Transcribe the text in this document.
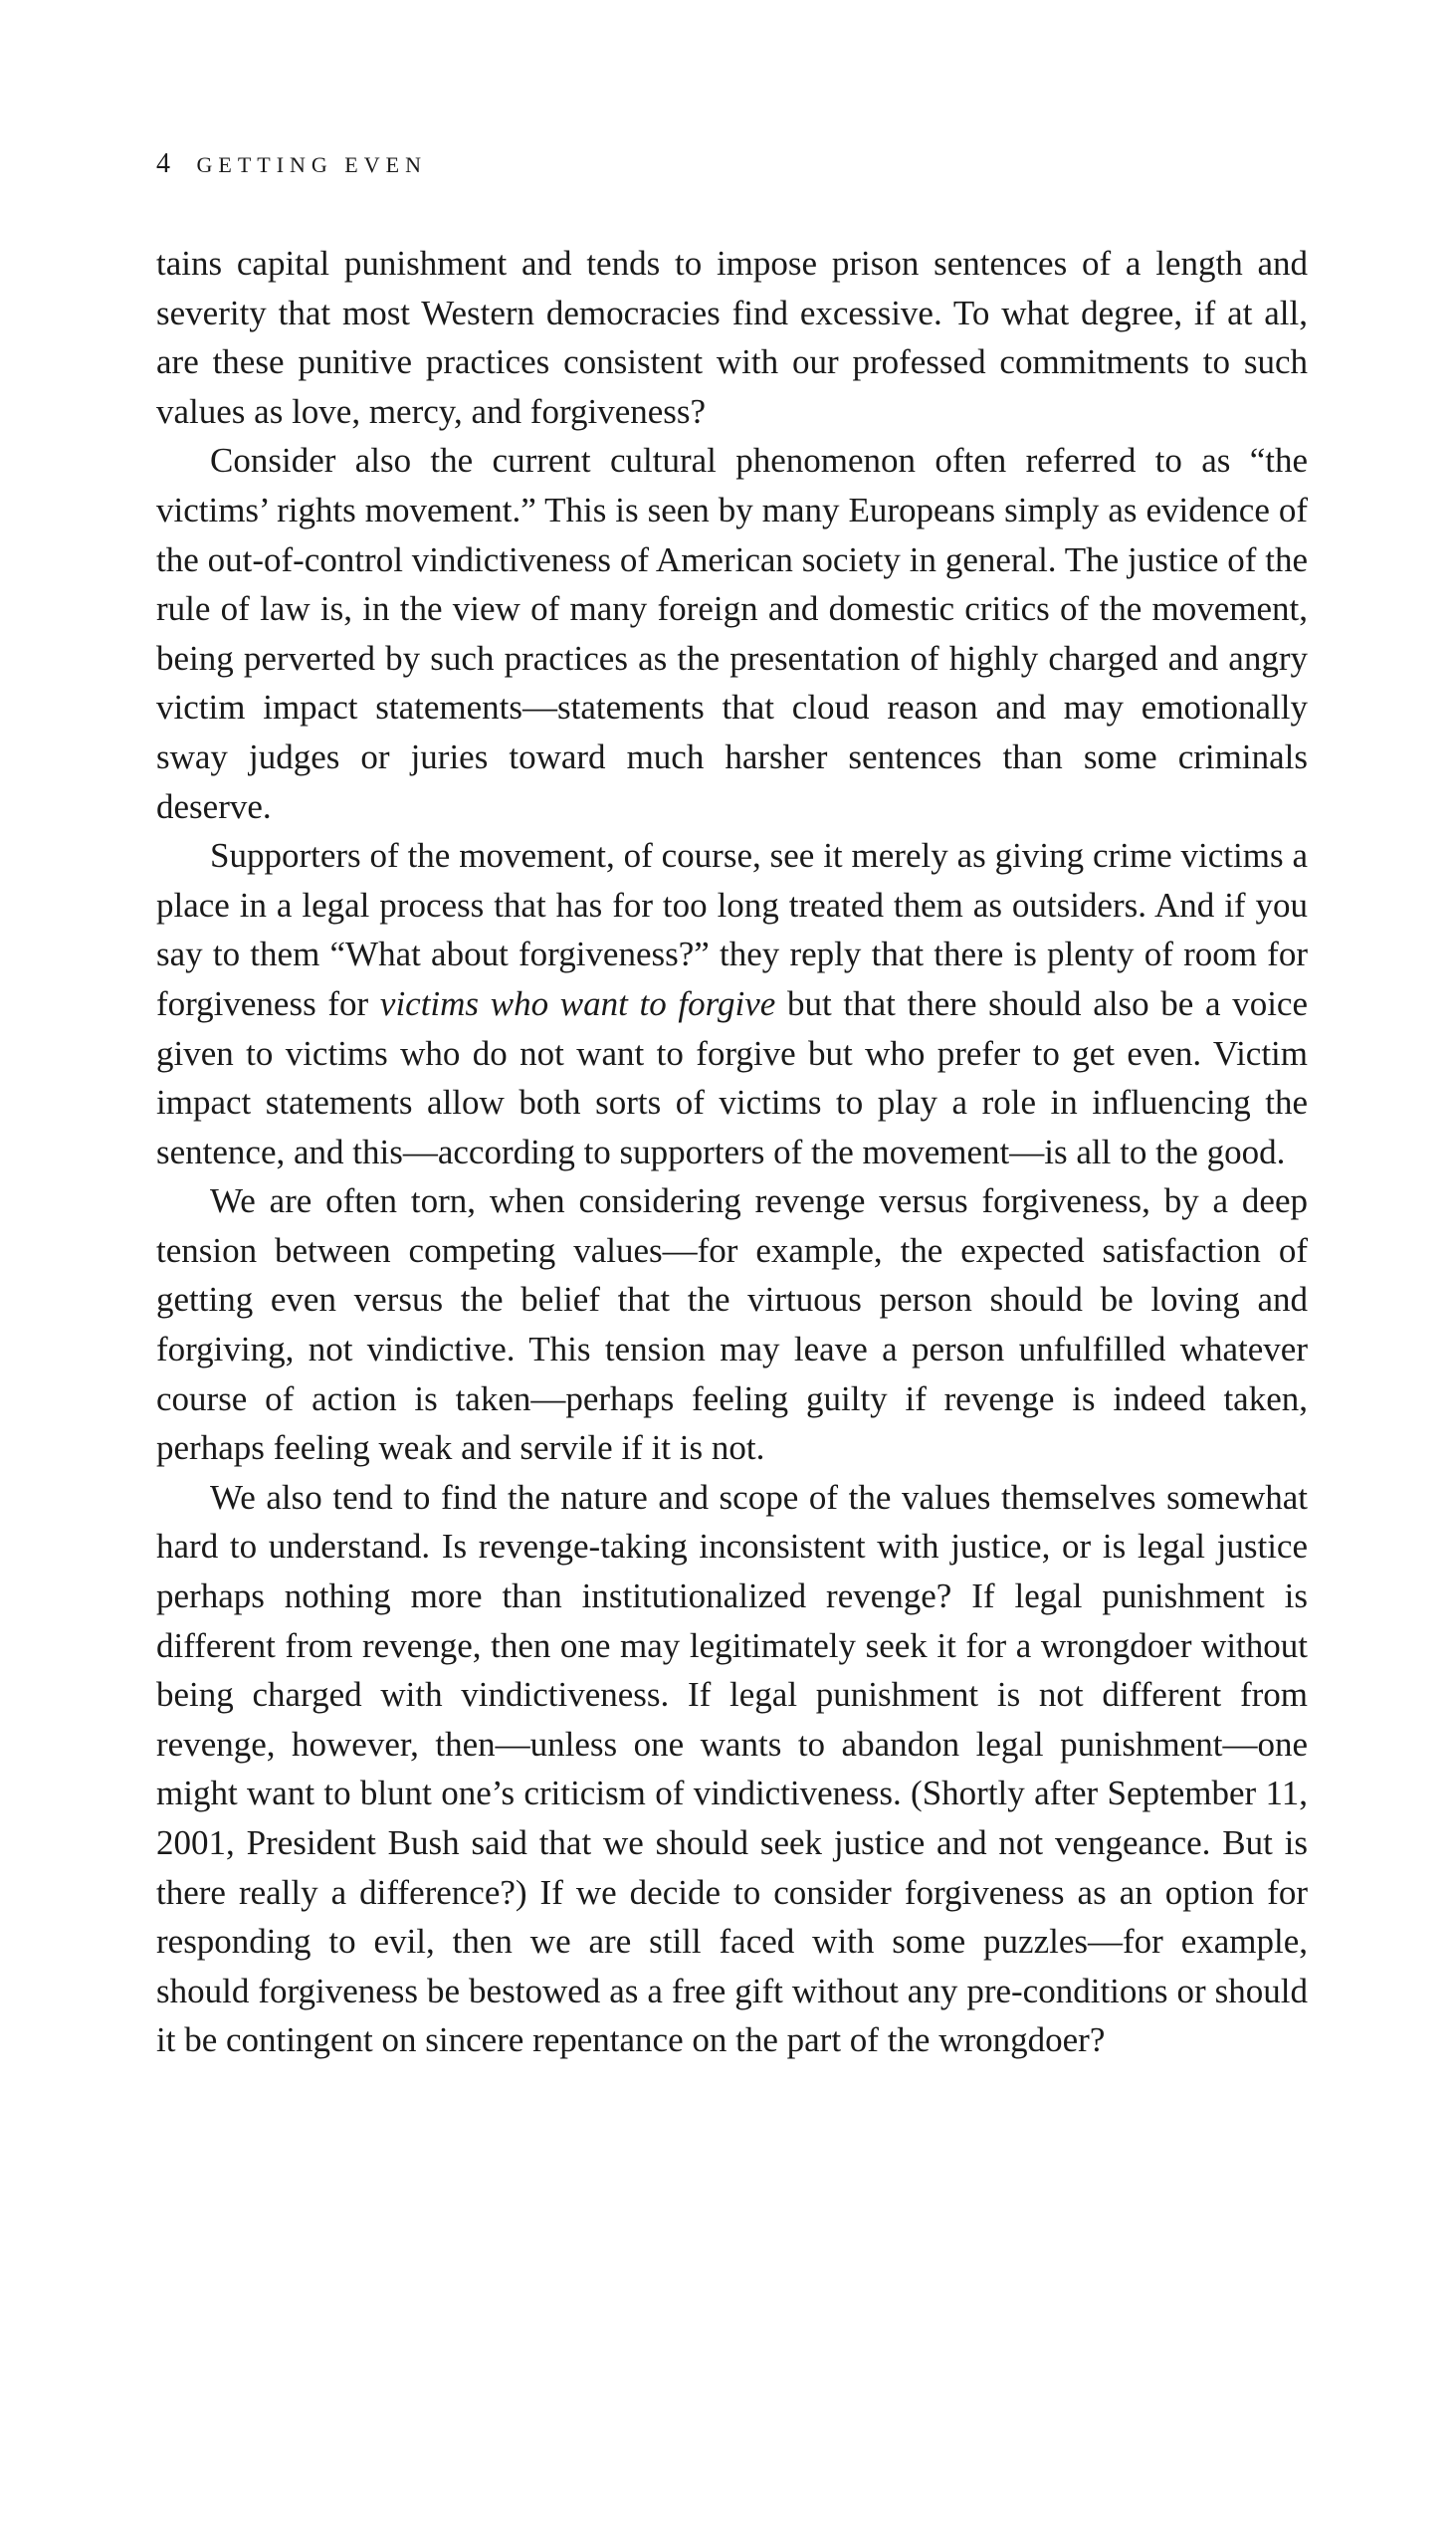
4 GETTING EVEN

tains capital punishment and tends to impose prison sentences of a length and severity that most Western democracies find excessive. To what degree, if at all, are these punitive practices consistent with our professed commitments to such values as love, mercy, and forgiveness?

Consider also the current cultural phenomenon often referred to as “the victims’ rights movement.” This is seen by many Europeans simply as evidence of the out-of-control vindictiveness of American society in general. The justice of the rule of law is, in the view of many foreign and domestic critics of the movement, being perverted by such practices as the presentation of highly charged and angry victim impact statements—statements that cloud reason and may emotionally sway judges or juries toward much harsher sentences than some criminals deserve.

Supporters of the movement, of course, see it merely as giving crime victims a place in a legal process that has for too long treated them as outsiders. And if you say to them “What about forgiveness?” they reply that there is plenty of room for forgiveness for victims who want to forgive but that there should also be a voice given to victims who do not want to forgive but who prefer to get even. Victim impact statements allow both sorts of victims to play a role in influencing the sentence, and this—according to supporters of the movement—is all to the good.

We are often torn, when considering revenge versus forgiveness, by a deep tension between competing values—for example, the expected satisfaction of getting even versus the belief that the virtuous person should be loving and forgiving, not vindictive. This tension may leave a person unfulfilled whatever course of action is taken—perhaps feeling guilty if revenge is indeed taken, perhaps feeling weak and servile if it is not.

We also tend to find the nature and scope of the values themselves somewhat hard to understand. Is revenge-taking inconsistent with justice, or is legal justice perhaps nothing more than institutionalized revenge? If legal punishment is different from revenge, then one may legitimately seek it for a wrongdoer without being charged with vindictiveness. If legal punishment is not different from revenge, however, then—unless one wants to abandon legal punishment—one might want to blunt one’s criticism of vindictiveness. (Shortly after September 11, 2001, President Bush said that we should seek justice and not vengeance. But is there really a difference?) If we decide to consider forgiveness as an option for responding to evil, then we are still faced with some puzzles—for example, should forgiveness be bestowed as a free gift without any pre-conditions or should it be contingent on sincere repentance on the part of the wrongdoer?
